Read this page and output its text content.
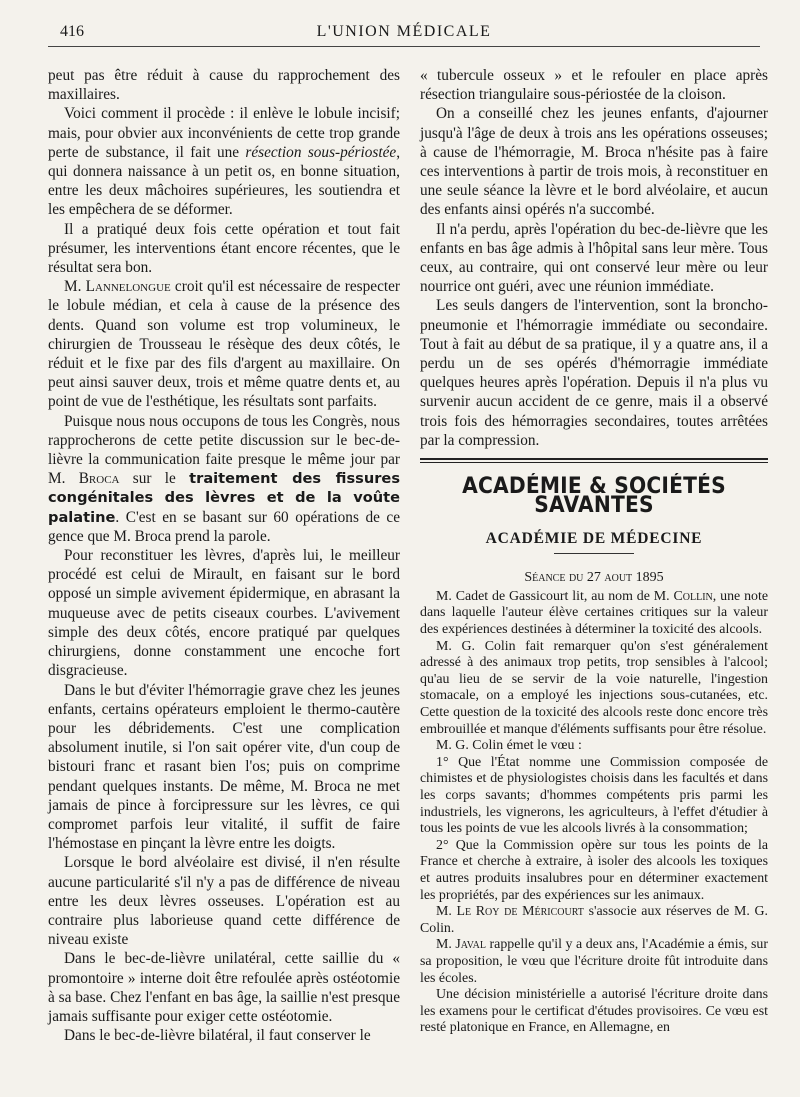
416	L'UNION MÉDICALE

peut pas être réduit à cause du rapprochement des maxillaires.

Voici comment il procède : il enlève le lobule incisif; mais, pour obvier aux inconvénients de cette trop grande perte de substance, il fait une résection sous-périostée, qui donnera naissance à un petit os, en bonne situation, entre les deux mâchoires supérieures, les soutiendra et les empêchera de se déformer.

Il a pratiqué deux fois cette opération et tout fait présumer, les interventions étant encore récentes, que le résultat sera bon.

M. Lannelongue croit qu'il est nécessaire de respecter le lobule médian, et cela à cause de la présence des dents. Quand son volume est trop volumineux, le chirurgien de Trousseau le résèque des deux côtés, le réduit et le fixe par des fils d'argent au maxillaire. On peut ainsi sauver deux, trois et même quatre dents et, au point de vue de l'esthétique, les résultats sont parfaits.

Puisque nous nous occupons de tous les Congrès, nous rapprocherons de cette petite discussion sur le bec-de-lièvre la communication faite presque le même jour par M. Broca sur le traitement des fissures congénitales des lèvres et de la voûte palatine. C'est en se basant sur 60 opérations de ce gence que M. Broca prend la parole.

Pour reconstituer les lèvres, d'après lui, le meilleur procédé est celui de Mirault, en faisant sur le bord opposé un simple avivement épidermique, en abrasant la muqueuse avec de petits ciseaux courbes. L'avivement simple des deux côtés, encore pratiqué par quelques chirurgiens, donne constamment une encoche fort disgracieuse.

Dans le but d'éviter l'hémorragie grave chez les jeunes enfants, certains opérateurs emploient le thermo-cautère pour les débridements. C'est une complication absolument inutile, si l'on sait opérer vite, d'un coup de bistouri franc et rasant bien l'os; puis on comprime pendant quelques instants. De même, M. Broca ne met jamais de pince à forcipressure sur les lèvres, ce qui compromet parfois leur vitalité, il suffit de faire l'hémostase en pinçant la lèvre entre les doigts.

Lorsque le bord alvéolaire est divisé, il n'en résulte aucune particularité s'il n'y a pas de différence de niveau entre les deux lèvres osseuses. L'opération est au contraire plus laborieuse quand cette différence de niveau existe

Dans le bec-de-lièvre unilatéral, cette saillie du « promontoire » interne doit être refoulée après ostéotomie à sa base. Chez l'enfant en bas âge, la saillie n'est presque jamais suffisante pour exiger cette ostéotomie.

Dans le bec-de-lièvre bilatéral, il faut conserver le

« tubercule osseux » et le refouler en place après résection triangulaire sous-périostée de la cloison.

On a conseillé chez les jeunes enfants, d'ajourner jusqu'à l'âge de deux à trois ans les opérations osseuses; à cause de l'hémorragie, M. Broca n'hésite pas à faire ces interventions à partir de trois mois, à reconstituer en une seule séance la lèvre et le bord alvéolaire, et aucun des enfants ainsi opérés n'a succombé.

Il n'a perdu, après l'opération du bec-de-lièvre que les enfants en bas âge admis à l'hôpital sans leur mère. Tous ceux, au contraire, qui ont conservé leur mère ou leur nourrice ont guéri, avec une réunion immédiate.

Les seuls dangers de l'intervention, sont la broncho-pneumonie et l'hémorragie immédiate ou secondaire. Tout à fait au début de sa pratique, il y a quatre ans, il a perdu un de ses opérés d'hémorragie immédiate quelques heures après l'opération. Depuis il n'a plus vu survenir aucun accident de ce genre, mais il a observé trois fois des hémorragies secondaires, toutes arrêtées par la compression.

ACADÉMIE & SOCIÉTÉS SAVANTES
ACADÉMIE DE MÉDECINE
Séance du 27 aout 1895

M. Cadet de Gassicourt lit, au nom de M. Collin, une note dans laquelle l'auteur élève certaines critiques sur la valeur des expériences destinées à déterminer la toxicité des alcools.

M. G. Colin fait remarquer qu'on s'est généralement adressé à des animaux trop petits, trop sensibles à l'alcool; qu'au lieu de se servir de la voie naturelle, l'ingestion stomacale, on a employé les injections sous-cutanées, etc. Cette question de la toxicité des alcools reste donc encore très embrouillée et manque d'éléments suffisants pour être résolue.

M. G. Colin émet le vœu :

1° Que l'État nomme une Commission composée de chimistes et de physiologistes choisis dans les facultés et dans les corps savants; d'hommes compétents pris parmi les industriels, les vignerons, les agriculteurs, à l'effet d'étudier à tous les points de vue les alcools livrés à la consommation;

2° Que la Commission opère sur tous les points de la France et cherche à extraire, à isoler des alcools les toxiques et autres produits insalubres pour en déterminer exactement les propriétés, par des expériences sur les animaux.

M. Le Roy de Méricourt s'associe aux réserves de M. G. Colin.

M. Javal rappelle qu'il y a deux ans, l'Académie a émis, sur sa proposition, le vœu que l'écriture droite fût introduite dans les écoles.

Une décision ministérielle a autorisé l'écriture droite dans les examens pour le certificat d'études provisoires. Ce vœu est resté platonique en France, en Allemagne, en
